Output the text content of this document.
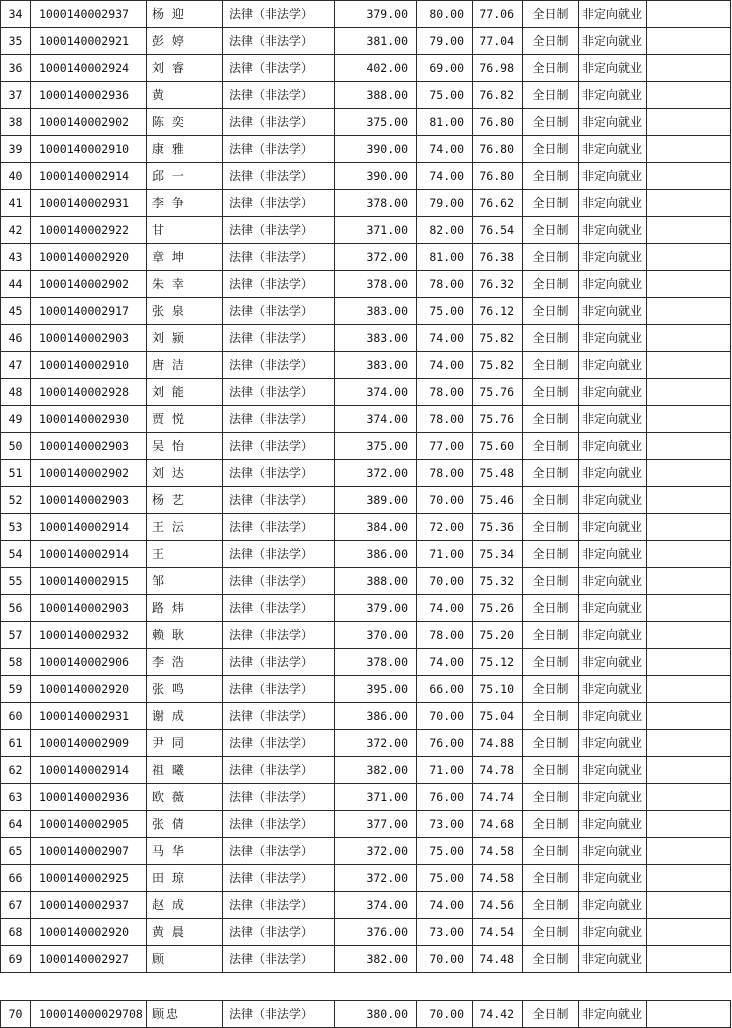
34	1000140002937	杨 迎	法律（非法学）	379.00	80.00	77.06	全日制	非定向就业	
35	1000140002921	彭 婷	法律（非法学）	381.00	79.00	77.04	全日制	非定向就业	
36	1000140002924	刘 睿	法律（非法学）	402.00	69.00	76.98	全日制	非定向就业	
37	1000140002936	黄	法律（非法学）	388.00	75.00	76.82	全日制	非定向就业	
38	1000140002902	陈 奕	法律（非法学）	375.00	81.00	76.80	全日制	非定向就业	
39	1000140002910	康 雅	法律（非法学）	390.00	74.00	76.80	全日制	非定向就业	
40	1000140002914	邱 一	法律（非法学）	390.00	74.00	76.80	全日制	非定向就业	
41	1000140002931	李 争	法律（非法学）	378.00	79.00	76.62	全日制	非定向就业	
42	1000140002922	甘	法律（非法学）	371.00	82.00	76.54	全日制	非定向就业	
43	1000140002920	章 坤	法律（非法学）	372.00	81.00	76.38	全日制	非定向就业	
44	1000140002902	朱 幸	法律（非法学）	378.00	78.00	76.32	全日制	非定向就业	
45	1000140002917	张 泉	法律（非法学）	383.00	75.00	76.12	全日制	非定向就业	
46	1000140002903	刘 颍	法律（非法学）	383.00	74.00	75.82	全日制	非定向就业	
47	1000140002910	唐 洁	法律（非法学）	383.00	74.00	75.82	全日制	非定向就业	
48	1000140002928	刘 能	法律（非法学）	374.00	78.00	75.76	全日制	非定向就业	
49	1000140002930	贾 悦	法律（非法学）	374.00	78.00	75.76	全日制	非定向就业	
50	1000140002903	吴 怡	法律（非法学）	375.00	77.00	75.60	全日制	非定向就业	
51	1000140002902	刘 达	法律（非法学）	372.00	78.00	75.48	全日制	非定向就业	
52	1000140002903	杨 艺	法律（非法学）	389.00	70.00	75.46	全日制	非定向就业	
53	1000140002914	王 沄	法律（非法学）	384.00	72.00	75.36	全日制	非定向就业	
54	1000140002914	王	法律（非法学）	386.00	71.00	75.34	全日制	非定向就业	
55	1000140002915	邹	法律（非法学）	388.00	70.00	75.32	全日制	非定向就业	
56	1000140002903	路 炜	法律（非法学）	379.00	74.00	75.26	全日制	非定向就业	
57	1000140002932	赖 耿	法律（非法学）	370.00	78.00	75.20	全日制	非定向就业	
58	1000140002906	李 浩	法律（非法学）	378.00	74.00	75.12	全日制	非定向就业	
59	1000140002920	张 鸣	法律（非法学）	395.00	66.00	75.10	全日制	非定向就业	
60	1000140002931	谢 成	法律（非法学）	386.00	70.00	75.04	全日制	非定向就业	
61	1000140002909	尹 同	法律（非法学）	372.00	76.00	74.88	全日制	非定向就业	
62	1000140002914	祖 曦	法律（非法学）	382.00	71.00	74.78	全日制	非定向就业	
63	1000140002936	欧 薇	法律（非法学）	371.00	76.00	74.74	全日制	非定向就业	
64	1000140002905	张 倩	法律（非法学）	377.00	73.00	74.68	全日制	非定向就业	
65	1000140002907	马 华	法律（非法学）	372.00	75.00	74.58	全日制	非定向就业	
66	1000140002925	田 琼	法律（非法学）	372.00	75.00	74.58	全日制	非定向就业	
67	1000140002937	赵 成	法律（非法学）	374.00	74.00	74.56	全日制	非定向就业	
68	1000140002920	黄 晨	法律（非法学）	376.00	73.00	74.54	全日制	非定向就业	
69	1000140002927	顾	法律（非法学）	382.00	70.00	74.48	全日制	非定向就业	
70	100014000029708	顾忠	法律（非法学）	380.00	70.00	74.42	全日制	非定向就业	
